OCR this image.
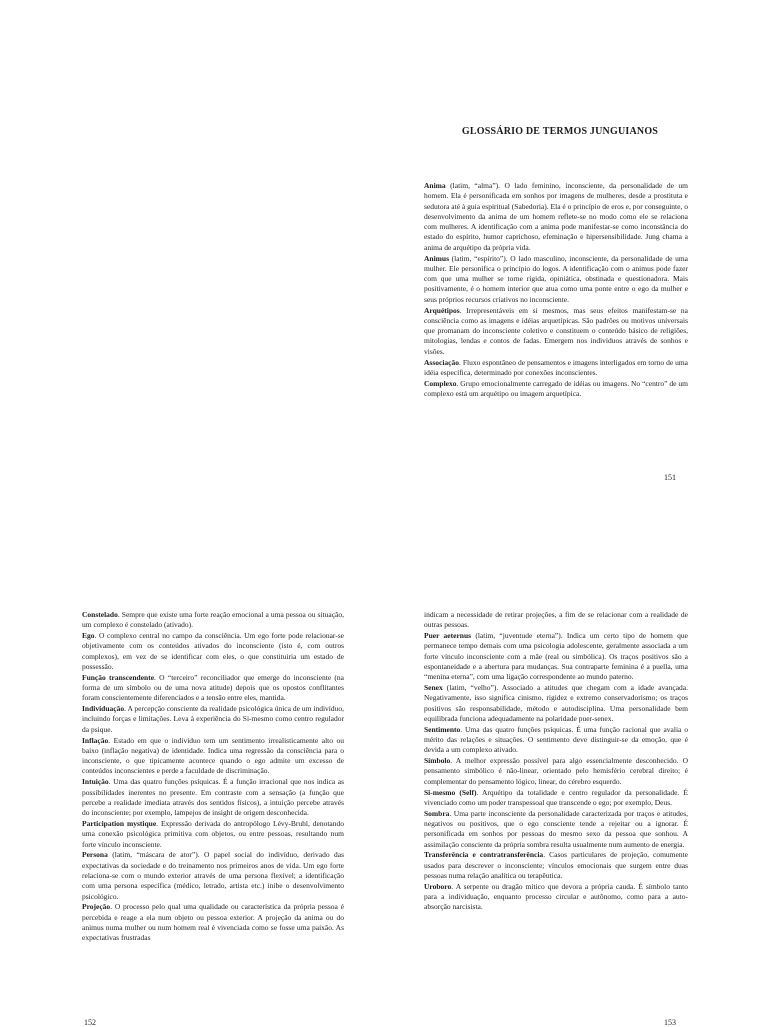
GLOSSÁRIO DE TERMOS JUNGUIANOS

Anima (latim, “alma”). O lado feminino, inconsciente, da personalidade de um homem. Ela é personificada em sonhos por imagens de mulheres, desde a prostituta e sedutora até à guia espiritual (Sabedoria). Ela é o princípio de eros e, por conseguinte, o desenvolvimento da anima de um homem reflete-se no modo como ele se relaciona com mulheres. A identificação com a anima pode manifestar-se como inconstância do estado do espírito, humor caprichoso, efeminação e hipersensibilidade. Jung chama a anima de arquétipo da própria vida.

Animus (latim, “espírito”). O lado masculino, inconsciente, da personalidade de uma mulher. Ele personifica o princípio do logos. A identificação com o animus pode fazer com que uma mulher se torne rígida, opiniática, obstinada e questionadora. Mais positivamente, é o homem interior que atua como uma ponte entre o ego da mulher e seus próprios recursos criativos no inconsciente.

Arquétipos. Irrepresentáveis em si mesmos, mas seus efeitos manifestam-se na consciência como as imagens e idéias arquetípicas. São padrões ou motivos universais que promanam do inconsciente coletivo e constituem o conteúdo básico de religiões, mitologias, lendas e contos de fadas. Emergem nos indivíduos através de sonhos e visões.

Associação. Fluxo espontâneo de pensamentos e imagens interligados em torno de uma idéia específica, determinado por conexões inconscientes.

Complexo. Grupo emocionalmente carregado de idéias ou imagens. No “centro” de um complexo está um arquétipo ou imagem arquetípica.

151

Constelado. Sempre que existe uma forte reação emocional a uma pessoa ou situação, um complexo é constelado (ativado).

Ego. O complexo central no campo da consciência. Um ego forte pode relacionar-se objetivamente com os conteúdos ativados do inconsciente (isto é, com outros complexos), em vez de se identificar com eles, o que constituiria um estado de possessão.

Função transcendente. O “terceiro” reconciliador que emerge do inconsciente (na forma de um símbolo ou de uma nova atitude) depois que os opostos conflitantes foram conscientemente diferenciados e a tensão entre eles, mantida.

Individuação. A percepção consciente da realidade psicológica única de um indivíduo, incluindo forças e limitações. Leva à experiência do Si-mesmo como centro regulador da psique.

Inflação. Estado em que o indivíduo tem um sentimento irrealisticamente alto ou baixo (inflação negativa) de identidade. Indica uma regressão da consciência para o inconsciente, o que tipicamente acontece quando o ego admite um excesso de conteúdos inconscientes e perde a faculdade de discriminação.

Intuição. Uma das quatro funções psíquicas. É a função irracional que nos indica as possibilidades inerentes no presente. Em contraste com a sensação (a função que percebe a realidade imediata através dos sentidos físicos), a intuição percebe através do inconsciente; por exemplo, lampejos de insight de origem desconhecida.

Participation mystique. Expressão derivada do antropólogo Lévy-Bruhl, denotando uma conexão psicológica primitiva com objetos, ou entre pessoas, resultando num forte vínculo inconsciente.

Persona (latim, “máscara de ator”). O papel social do indivíduo, derivado das expectativas da sociedade e do treinamento nos primeiros anos de vida. Um ego forte relaciona-se com o mundo exterior através de uma persona flexível; a identificação com uma persona específica (médico, letrado, artista etc.) inibe o desenvolvimento psicológico.

Projeção. O processo pelo qual uma qualidade ou característica da própria pessoa é percebida e reage a ela num objeto ou pessoa exterior. A projeção da anima ou do animus numa mulher ou num homem real é vivenciada como se fosse uma paixão. As expectativas frustradas

152

indicam a necessidade de retirar projeções, a fim de se relacionar com a realidade de outras pessoas.

Puer aeternus (latim, “juventude eterna”). Indica um certo tipo de homem que permanece tempo demais com uma psicologia adolescente, geralmente associada a um forte vínculo inconsciente com a mãe (real ou simbólica). Os traços positivos são a espontaneidade e a abertura para mudanças. Sua contraparte feminina é a puella, uma “menina eterna”, com uma ligação correspondente ao mundo paterno.

Senex (latim, “velho”). Associado a atitudes que chegam com a idade avançada. Negativamente, isso significa cinismo, rigidez e extremo conservadorismo; os traços positivos são responsabilidade, método e autodisciplina. Uma personalidade bem equilibrada funciona adequadamente na polaridade puer-senex.

Sentimento. Uma das quatro funções psíquicas. É uma função racional que avalia o mérito das relações e situações. O sentimento deve distinguir-se da emoção, que é devida a um complexo ativado.

Símbolo. A melhor expressão possível para algo essencialmente desconhecido. O pensamento simbólico é não-linear, orientado pelo hemisfério cerebral direito; é complementar do pensamento lógico, linear, do cérebro esquerdo.

Si-mesmo (Self). Arquétipo da totalidade e centro regulador da personalidade. É vivenciado como um poder transpessoal que transcende o ego; por exemplo, Deus.

Sombra. Uma parte inconsciente da personalidade caracterizada por traços e atitudes, negativos ou positivos, que o ego consciente tende a rejeitar ou a ignorar. É personificada em sonhos por pessoas do mesmo sexo da pessoa que sonhou. A assimilação consciente da própria sombra resulta usualmente num aumento de energia.

Transferência e contratransferência. Casos particulares de projeção, comumente usados para descrever o inconsciente; vínculos emocionais que surgem entre duas pessoas numa relação analítica ou terapêutica.

Uroboro. A serpente ou dragão mítico que devora a própria cauda. É símbolo tanto para a individuação, enquanto processo circular e autônomo, como para a auto-absorção narcisista.

153
